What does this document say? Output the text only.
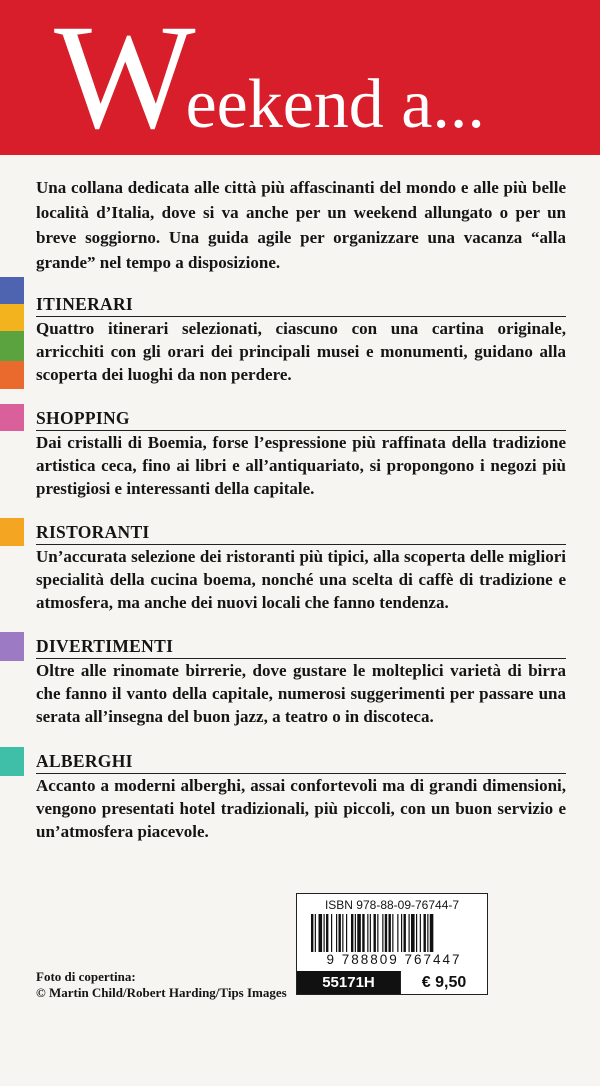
Weekend a...

Una collana dedicata alle città più affascinanti del mondo e alle più belle località d’Italia, dove si va anche per un weekend allungato o per un breve soggiorno. Una guida agile per organizzare una vacanza “alla grande” nel tempo a disposizione.

ITINERARI

Quattro itinerari selezionati, ciascuno con una cartina originale, arricchiti con gli orari dei principali musei e monumenti, guidano alla scoperta dei luoghi da non perdere.

SHOPPING

Dai cristalli di Boemia, forse l’espressione più raffinata della tradizione artistica ceca, fino ai libri e all’antiquariato, si propongono i negozi più prestigiosi e interessanti della capitale.

RISTORANTI

Un’accurata selezione dei ristoranti più tipici, alla scoperta delle migliori specialità della cucina boema, nonché una scelta di caffè di tradizione e atmosfera, ma anche dei nuovi locali che fanno tendenza.

DIVERTIMENTI

Oltre alle rinomate birrerie, dove gustare le molteplici varietà di birra che fanno il vanto della capitale, numerosi suggerimenti per passare una serata all’insegna del buon jazz, a teatro o in discoteca.

ALBERGHI

Accanto a moderni alberghi, assai confortevoli ma di grandi dimensioni, vengono presentati hotel tradizionali, più piccoli, con un buon servizio e un’atmosfera piacevole.

Foto di copertina:
© Martin Child/Robert Harding/Tips Images
ISBN 978-88-09-76744-7
9 788809 767447
55171H	€ 9,50
